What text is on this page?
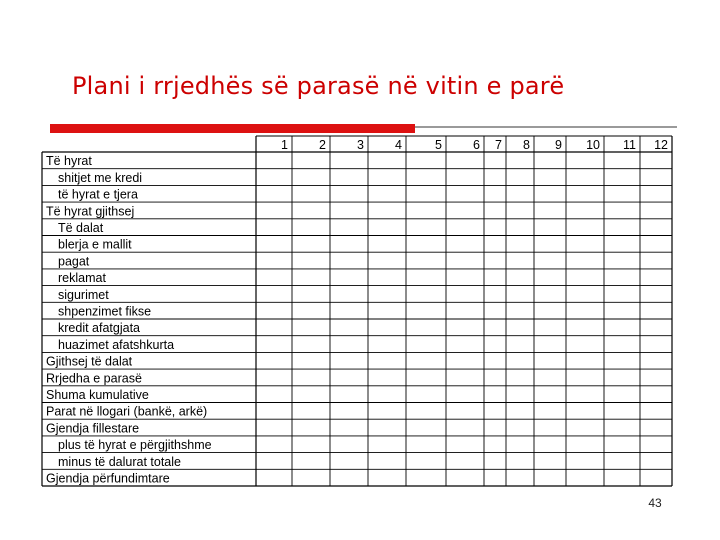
Plani i rrjedhës së parasë në vitin e parë
1 2 3 4	5 6 7 8 9 10 11 12
Të hyrat
shitjet me kredi
të hyrat e tjera
Të hyrat gjithsej
Të dalat
blerja e mallit
pagat
reklamat
sigurimet
shpenzimet fikse
kredit afatgjata
huazimet afatshkurta
Gjithsej të dalat
Rrjedha e parasë
Shuma kumulative
Parat në llogari (bankë, arkë)
Gjendja fillestare
plus të hyrat e përgjithshme
minus të dalurat totale
Gjendja përfundimtare
43
